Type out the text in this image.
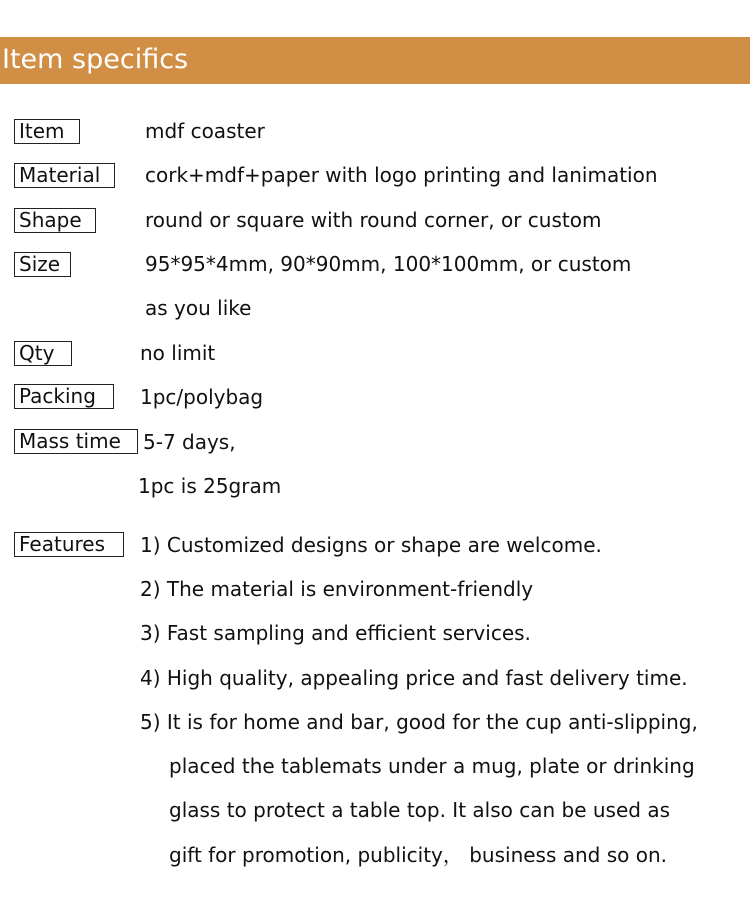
Item specifics
Item	mdf coaster
Material	cork+mdf+paper with logo printing and lanimation
Shape	round or square with round corner, or custom
Size	95*95*4mm, 90*90mm, 100*100mm, or custom
as you like
Qty	no limit
Packing	1pc/polybag
Mass time	5-7 days,
1pc is 25gram
Features	1) Customized designs or shape are welcome.
2) The material is environment-friendly
3) Fast sampling and efficient services.
4) High quality, appealing price and fast delivery time.
5) It is for home and bar, good for the cup anti-slipping,
placed the tablemats under a mug, plate or drinking
glass to protect a table top. It also can be used as
gift for promotion, publicity， business and so on.
